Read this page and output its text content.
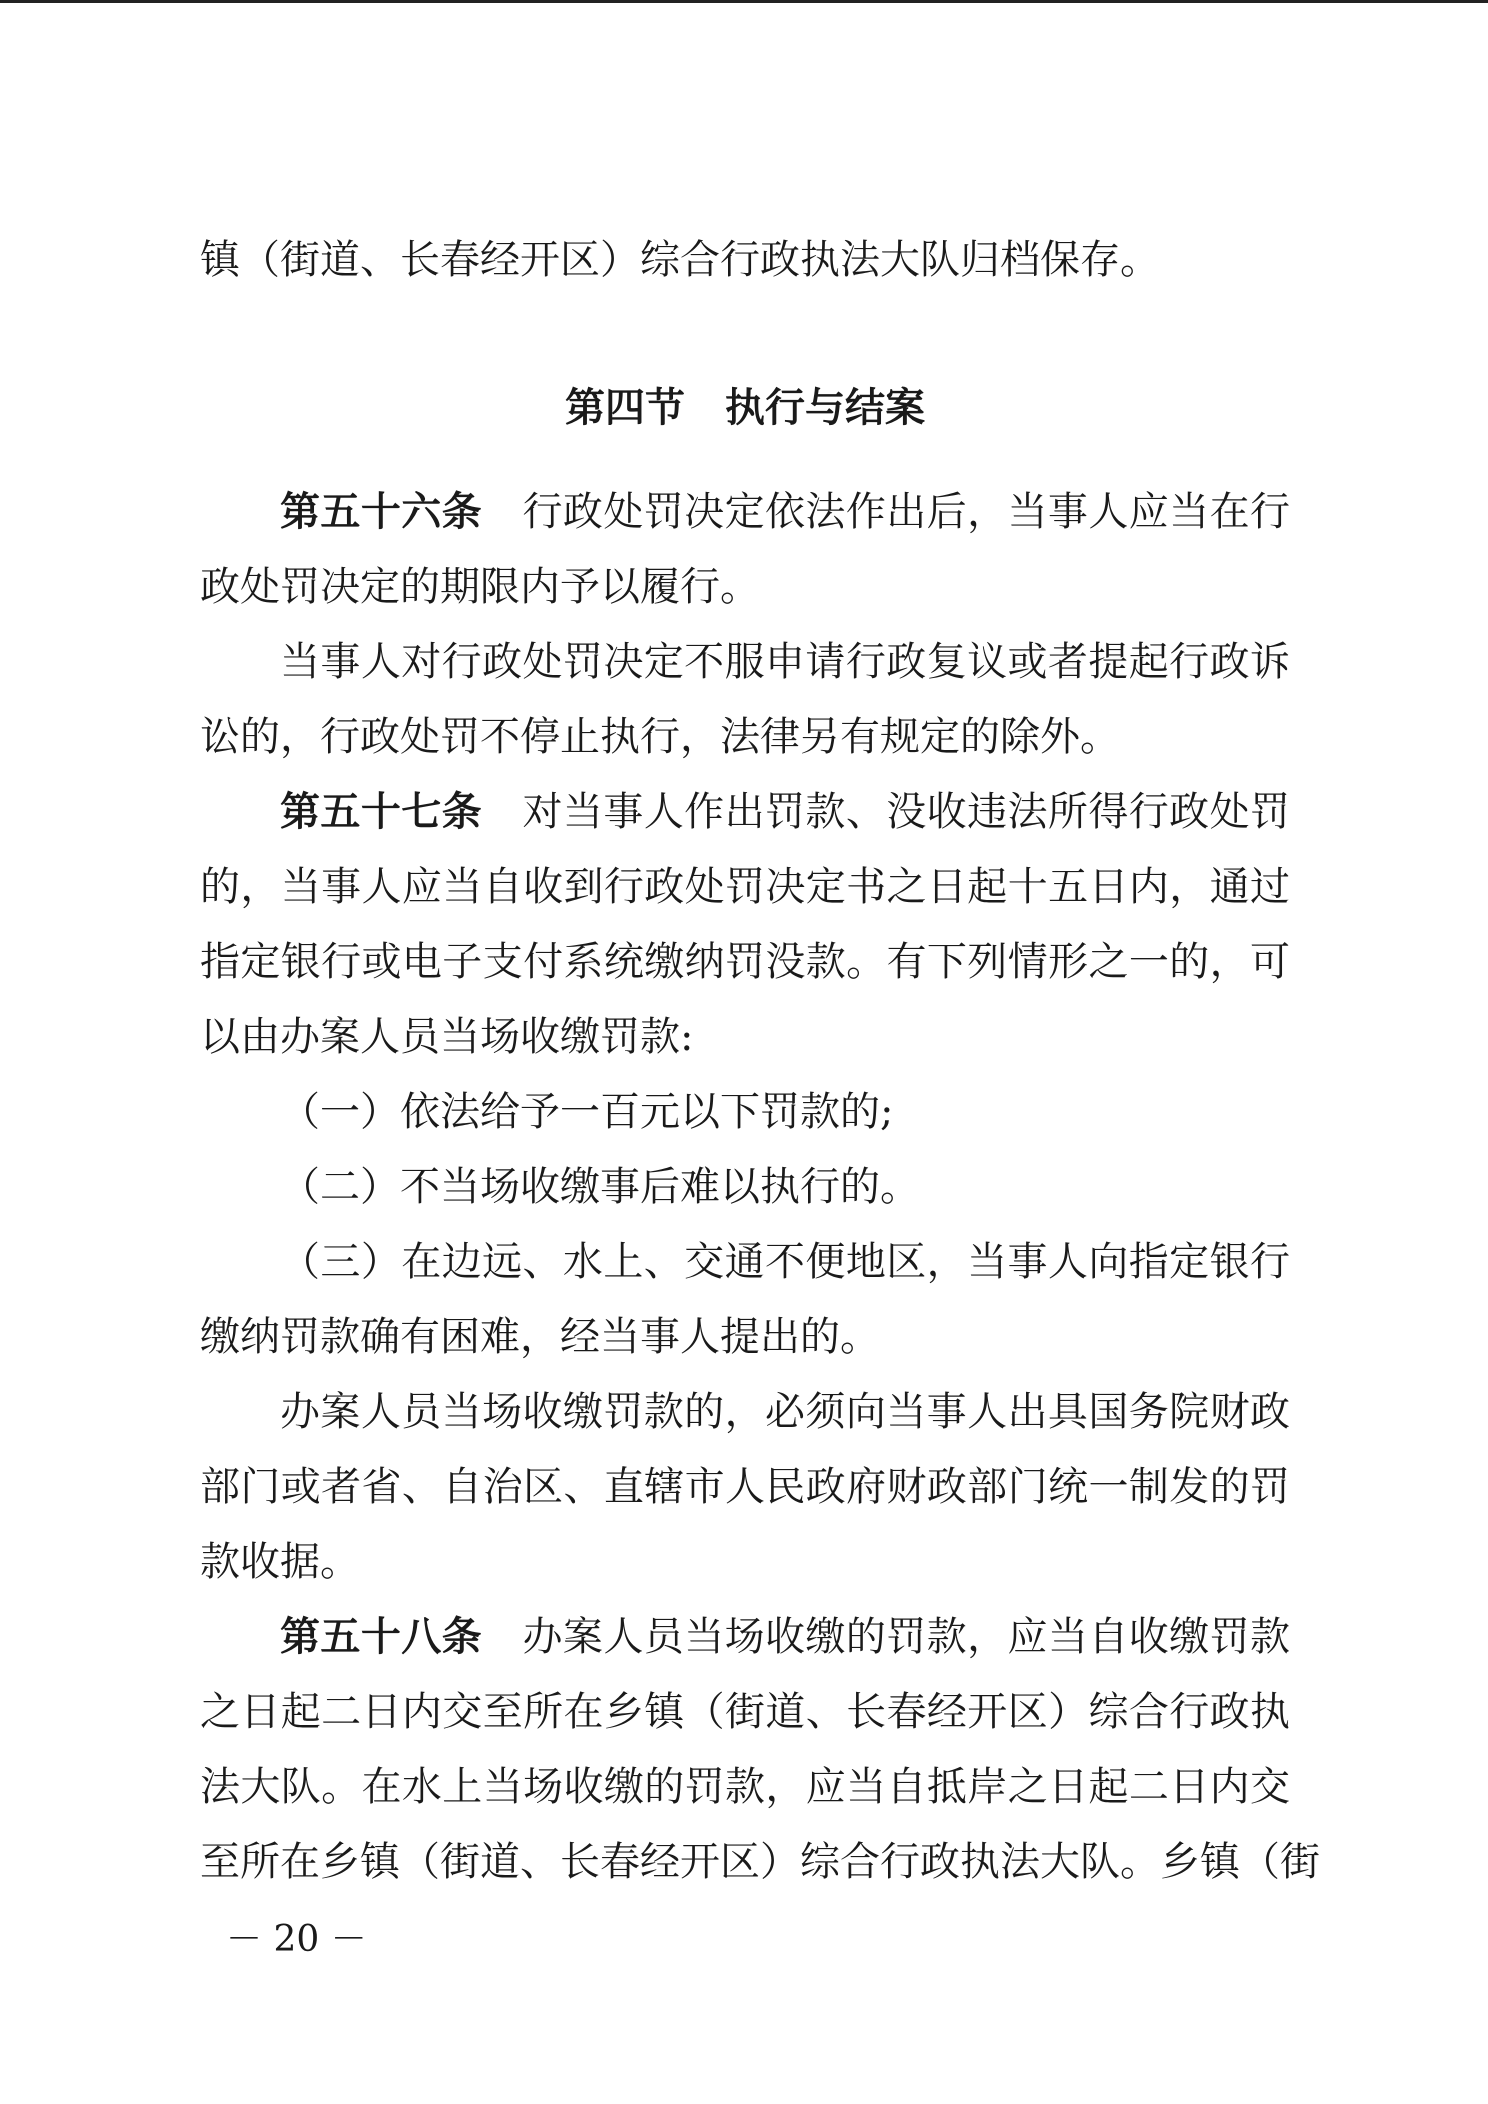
镇（街道、长春经开区）综合行政执法大队归档保存。
第四节 执行与结案
第五十六条 行政处罚决定依法作出后，当事人应当在行
政处罚决定的期限内予以履行。
当事人对行政处罚决定不服申请行政复议或者提起行政诉
讼的，行政处罚不停止执行，法律另有规定的除外。
第五十七条 对当事人作出罚款、没收违法所得行政处罚
的，当事人应当自收到行政处罚决定书之日起十五日内，通过
指定银行或电子支付系统缴纳罚没款。有下列情形之一的，可
以由办案人员当场收缴罚款:
（一）依法给予一百元以下罚款的;
（二）不当场收缴事后难以执行的。
（三）在边远、水上、交通不便地区，当事人向指定银行
缴纳罚款确有困难，经当事人提出的。
办案人员当场收缴罚款的，必须向当事人出具国务院财政
部门或者省、自治区、直辖市人民政府财政部门统一制发的罚
款收据。
第五十八条 办案人员当场收缴的罚款，应当自收缴罚款
之日起二日内交至所在乡镇（街道、长春经开区）综合行政执
法大队。在水上当场收缴的罚款，应当自抵岸之日起二日内交
至所在乡镇（街道、长春经开区）综合行政执法大队。乡镇（街
－ 20 －
